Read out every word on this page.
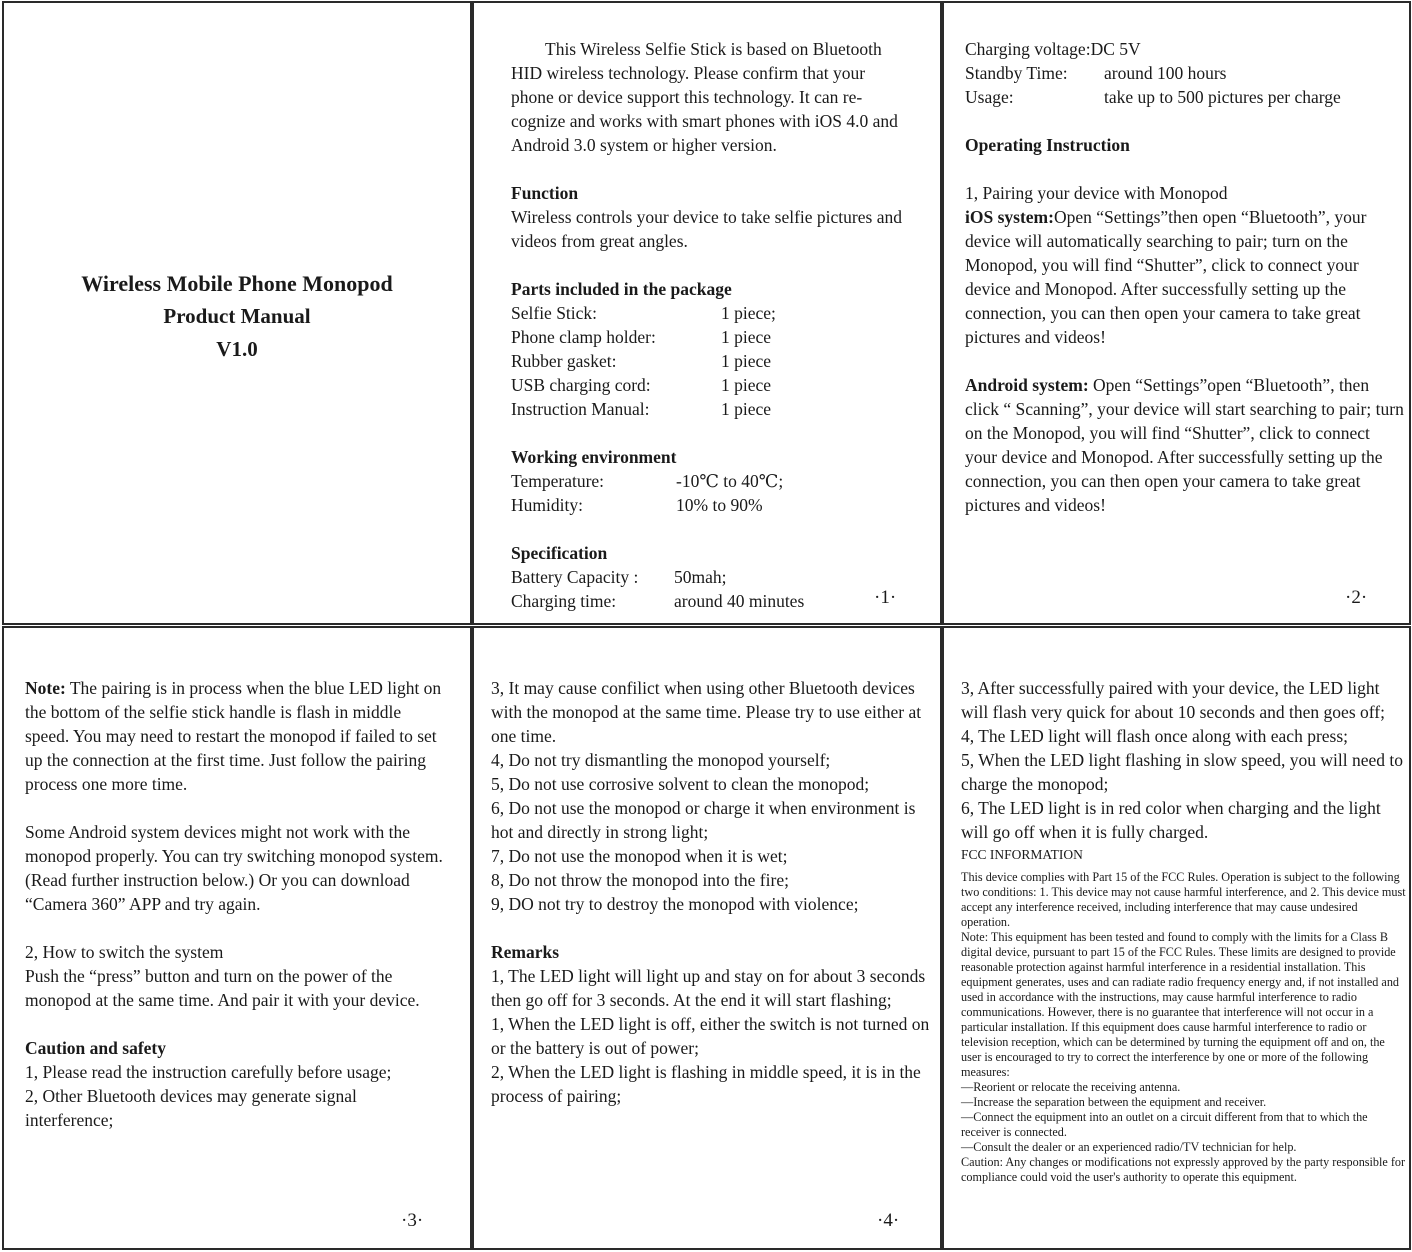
Wireless Mobile Phone Monopod
Product Manual
V1.0
This Wireless Selfie Stick is based on Bluetooth HID wireless technology. Please confirm that your phone or device support this technology. It can re-cognize and works with smart phones with iOS 4.0 and Android 3.0 system or higher version.
Function
Wireless controls your device to take selfie pictures and videos from great angles.
Parts included in the package
Selfie Stick:	1 piece;
Phone clamp holder:	1 piece
Rubber gasket:	1 piece
USB charging cord:	1 piece
Instruction Manual:	1 piece
Working environment
Temperature:	-10℃ to 40℃;
Humidity:	10% to 90%
Specification
Battery Capacity :	50mah;
Charging time:	around 40 minutes	·1·
Charging voltage: DC 5V
Standby Time:	around 100 hours
Usage:	take up to 500 pictures per charge
Operating Instruction
1, Pairing your device with Monopod
iOS system:Open “Settings”then open “Bluetooth”, your device will automatically searching to pair; turn on the Monopod, you will find “Shutter”, click to connect your device and Monopod. After successfully setting up the connection, you can then open your camera to take great pictures and videos!
Android system: Open “Settings”open “Bluetooth”, then click “ Scanning”, your device will start searching to pair; turn on the Monopod, you will find “Shutter”, click to connect your device and Monopod. After successfully setting up the connection, you can then open your camera to take great pictures and videos!
·2·
Note: The pairing is in process when the blue LED light on the bottom of the selfie stick handle is flash in middle speed. You may need to restart the monopod if failed to set up the connection at the first time. Just follow the pairing process one more time.
Some Android system devices might not work with the monopod properly. You can try switching monopod system. (Read further instruction below.) Or you can download “Camera 360” APP and try again.
2, How to switch the system
Push the “press” button and turn on the power of the monopod at the same time. And pair it with your device.
Caution and safety
1, Please read the instruction carefully before usage;
2, Other Bluetooth devices may generate signal interference;
·3·
3, It may cause confilict when using other Bluetooth devices with the monopod at the same time. Please try to use either at one time.
4, Do not try dismantling the monopod yourself;
5, Do not use corrosive solvent to clean the monopod;
6, Do not use the monopod or charge it when environment is hot and directly in strong light;
7, Do not use the monopod when it is wet;
8, Do not throw the monopod into the fire;
9, DO not try to destroy the monopod with violence;
Remarks
1, The LED light will light up and stay on for about 3 seconds then go off for 3 seconds. At the end it will start flashing;
1, When the LED light is off, either the switch is not turned on or the battery is out of power;
2, When the LED light is flashing in middle speed, it is in the process of pairing;
·4·
3, After successfully paired with your device, the LED light will flash very quick for about 10 seconds and then goes off;
4, The LED light will flash once along with each press;
5, When the LED light flashing in slow speed, you will need to charge the monopod;
6, The LED light is in red color when charging and the light will go off when it is fully charged.
FCC INFORMATION
This device complies with Part 15 of the FCC Rules. Operation is subject to the following two conditions: 1. This device may not cause harmful interference, and 2. This device must accept any interference received, including interference that may cause undesired operation.
Note: This equipment has been tested and found to comply with the limits for a Class B digital device, pursuant to part 15 of the FCC Rules. These limits are designed to provide reasonable protection against harmful interference in a residential installation. This equipment generates, uses and can radiate radio frequency energy and, if not installed and used in accordance with the instructions, may cause harmful interference to radio communications. However, there is no guarantee that interference will not occur in a particular installation. If this equipment does cause harmful interference to radio or television reception, which can be determined by turning the equipment off and on, the user is encouraged to try to correct the interference by one or more of the following measures:
—Reorient or relocate the receiving antenna.
—Increase the separation between the equipment and receiver.
—Connect the equipment into an outlet on a circuit different from that to which the receiver is connected.
—Consult the dealer or an experienced radio/TV technician for help.
Caution: Any changes or modifications not expressly approved by the party responsible for compliance could void the user's authority to operate this equipment.
